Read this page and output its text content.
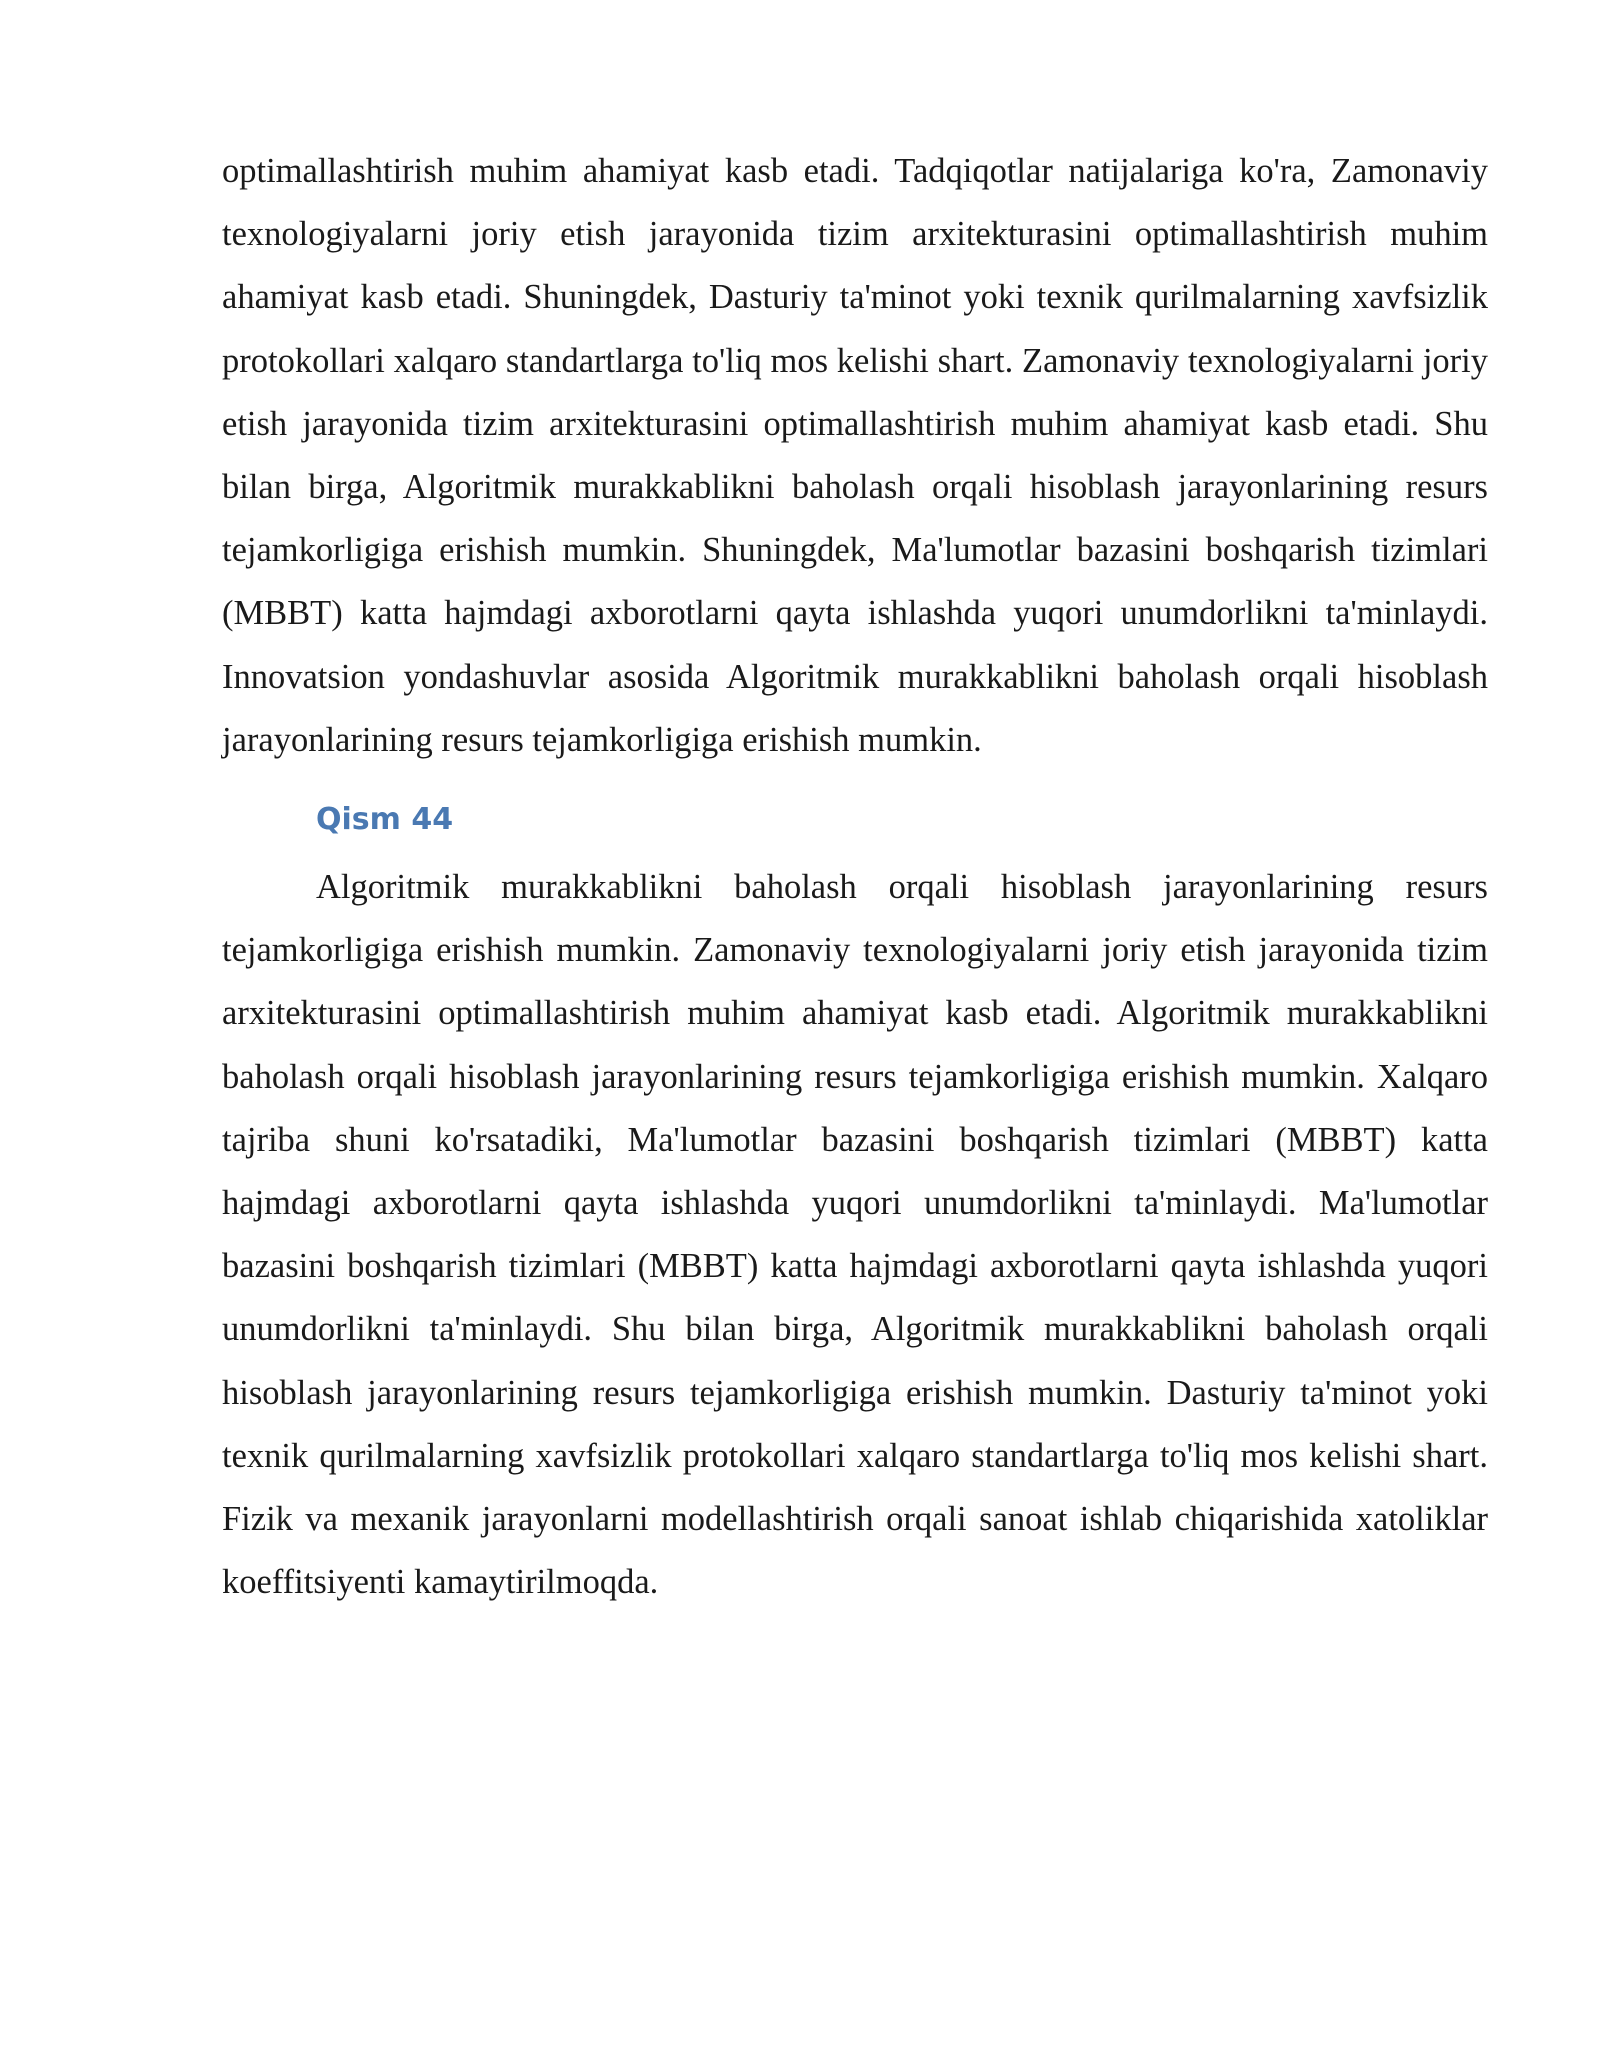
optimallashtirish muhim ahamiyat kasb etadi. Tadqiqotlar natijalariga ko'ra, Zamonaviy texnologiyalarni joriy etish jarayonida tizim arxitekturasini optimallashtirish muhim ahamiyat kasb etadi. Shuningdek, Dasturiy ta'minot yoki texnik qurilmalarning xavfsizlik protokollari xalqaro standartlarga to'liq mos kelishi shart. Zamonaviy texnologiyalarni joriy etish jarayonida tizim arxitekturasini optimallashtirish muhim ahamiyat kasb etadi. Shu bilan birga, Algoritmik murakkablikni baholash orqali hisoblash jarayonlarining resurs tejamkorligiga erishish mumkin. Shuningdek, Ma'lumotlar bazasini boshqarish tizimlari (MBBT) katta hajmdagi axborotlarni qayta ishlashda yuqori unumdorlikni ta'minlaydi. Innovatsion yondashuvlar asosida Algoritmik murakkablikni baholash orqali hisoblash jarayonlarining resurs tejamkorligiga erishish mumkin.

Qism 44

Algoritmik murakkablikni baholash orqali hisoblash jarayonlarining resurs tejamkorligiga erishish mumkin. Zamonaviy texnologiyalarni joriy etish jarayonida tizim arxitekturasini optimallashtirish muhim ahamiyat kasb etadi. Algoritmik murakkablikni baholash orqali hisoblash jarayonlarining resurs tejamkorligiga erishish mumkin. Xalqaro tajriba shuni ko'rsatadiki, Ma'lumotlar bazasini boshqarish tizimlari (MBBT) katta hajmdagi axborotlarni qayta ishlashda yuqori unumdorlikni ta'minlaydi. Ma'lumotlar bazasini boshqarish tizimlari (MBBT) katta hajmdagi axborotlarni qayta ishlashda yuqori unumdorlikni ta'minlaydi. Shu bilan birga, Algoritmik murakkablikni baholash orqali hisoblash jarayonlarining resurs tejamkorligiga erishish mumkin. Dasturiy ta'minot yoki texnik qurilmalarning xavfsizlik protokollari xalqaro standartlarga to'liq mos kelishi shart. Fizik va mexanik jarayonlarni modellashtirish orqali sanoat ishlab chiqarishida xatoliklar koeffitsiyenti kamaytirilmoqda.
